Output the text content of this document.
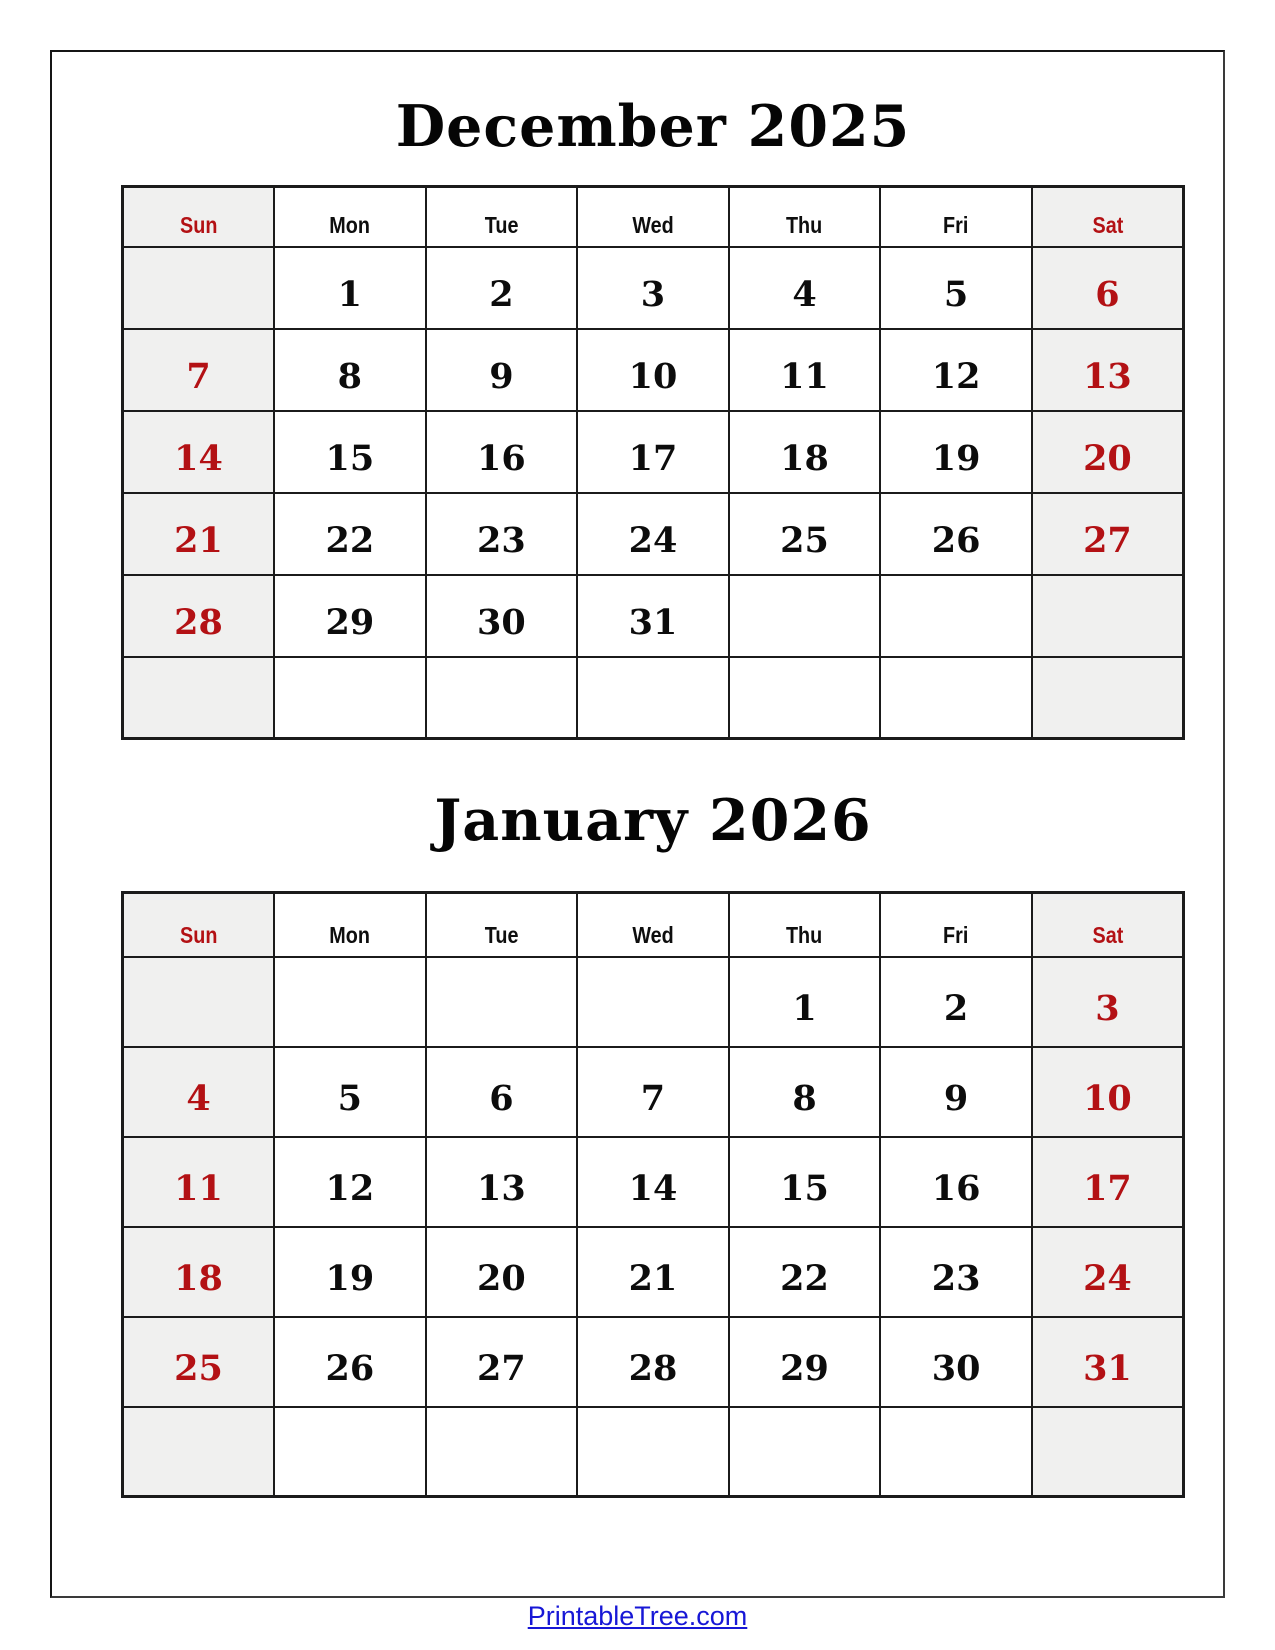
December 2025
Sun	Mon	Tue	Wed	Thu	Fri	Sat
	1	2	3	4	5	6
7	8	9	10	11	12	13
14	15	16	17	18	19	20
21	22	23	24	25	26	27
28	29	30	31			

January 2026
Sun	Mon	Tue	Wed	Thu	Fri	Sat
				1	2	3
4	5	6	7	8	9	10
11	12	13	14	15	16	17
18	19	20	21	22	23	24
25	26	27	28	29	30	31

PrintableTree.com
